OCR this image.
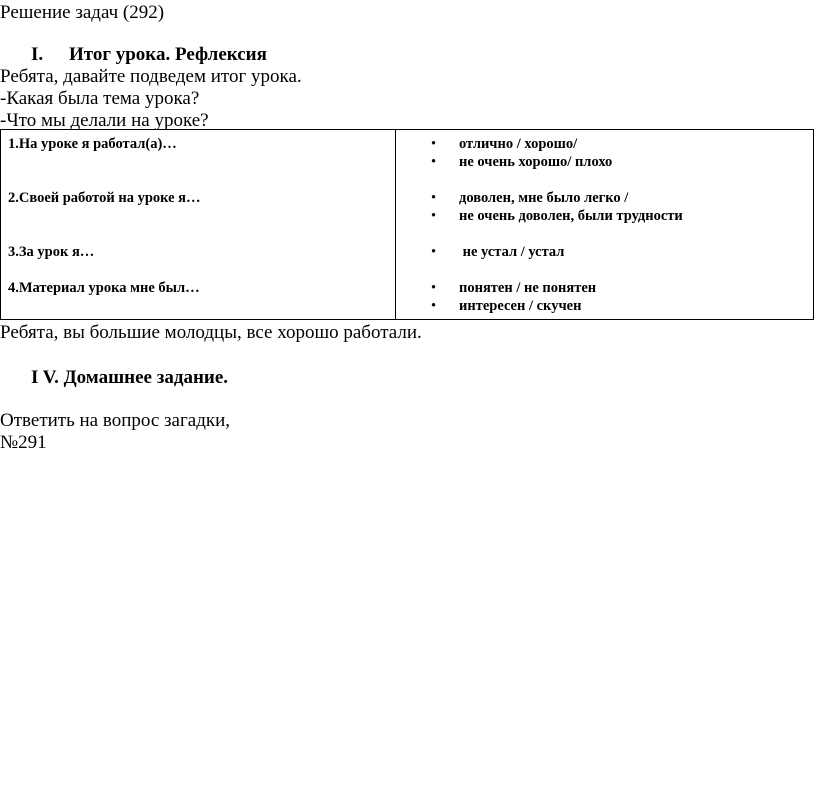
Решение задач (292)
I. Итог урока. Рефлексия
Ребята, давайте подведем итог урока.
-Какая была тема урока?
-Что мы делали на уроке?
1.На уроке я работал(а)…	• отлично / хорошо/
• не очень хорошо/ плохо
2.Своей работой на уроке я…	• доволен, мне было легко /
• не очень доволен, были трудности
3.За урок я…	• не устал / устал
4.Материал урока мне был…	• понятен / не понятен
• интересен / скучен
Ребята, вы большие молодцы, все хорошо работали.
I V. Домашнее задание.
Ответить на вопрос загадки,
№291
